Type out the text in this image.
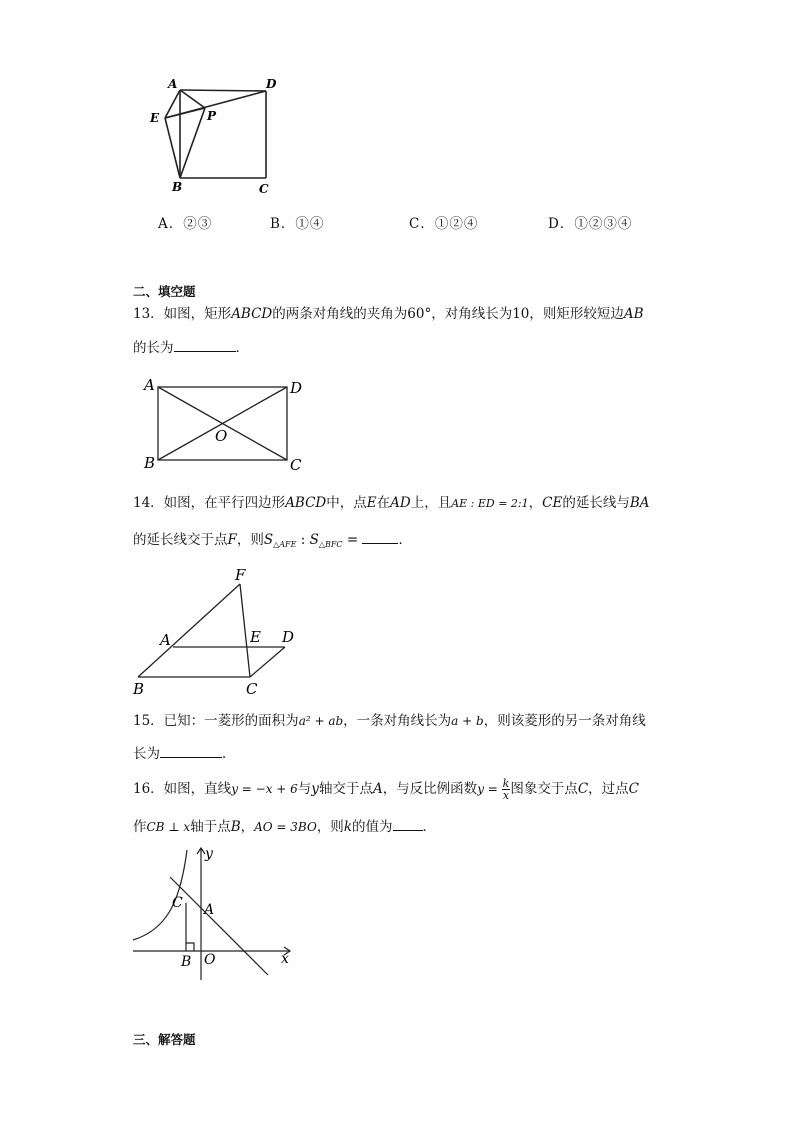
A	D
E	P
B	C
A．②③	B．①④	C．①②④	D．①②③④
二、填空题
13．如图，矩形ABCD的两条对角线的夹角为60°，对角线长为10，则矩形较短边AB
的长为	．
A	D
O
B	C
14．如图，在平行四边形ABCD中，点E在AD上，且AE : ED = 2:1，CE的延长线与BA
的延长线交于点F，则$S_{\triangle AFE}$ : $S_{\triangle BFC}$ =	．
F
A	E D
B	C
15．已知：一菱形的面积为a² + ab，一条对角线长为a + b，则该菱形的另一条对角线
长为	．
16．如图，直线y = −x + 6与y轴交于点A，与反比例函数$y = \frac{k}{x}$ 图象交于点C，过点C
作CB ⊥ x轴于点B，AO = 3BO，则k的值为 ．
y
C A
B O	x
三、解答题
